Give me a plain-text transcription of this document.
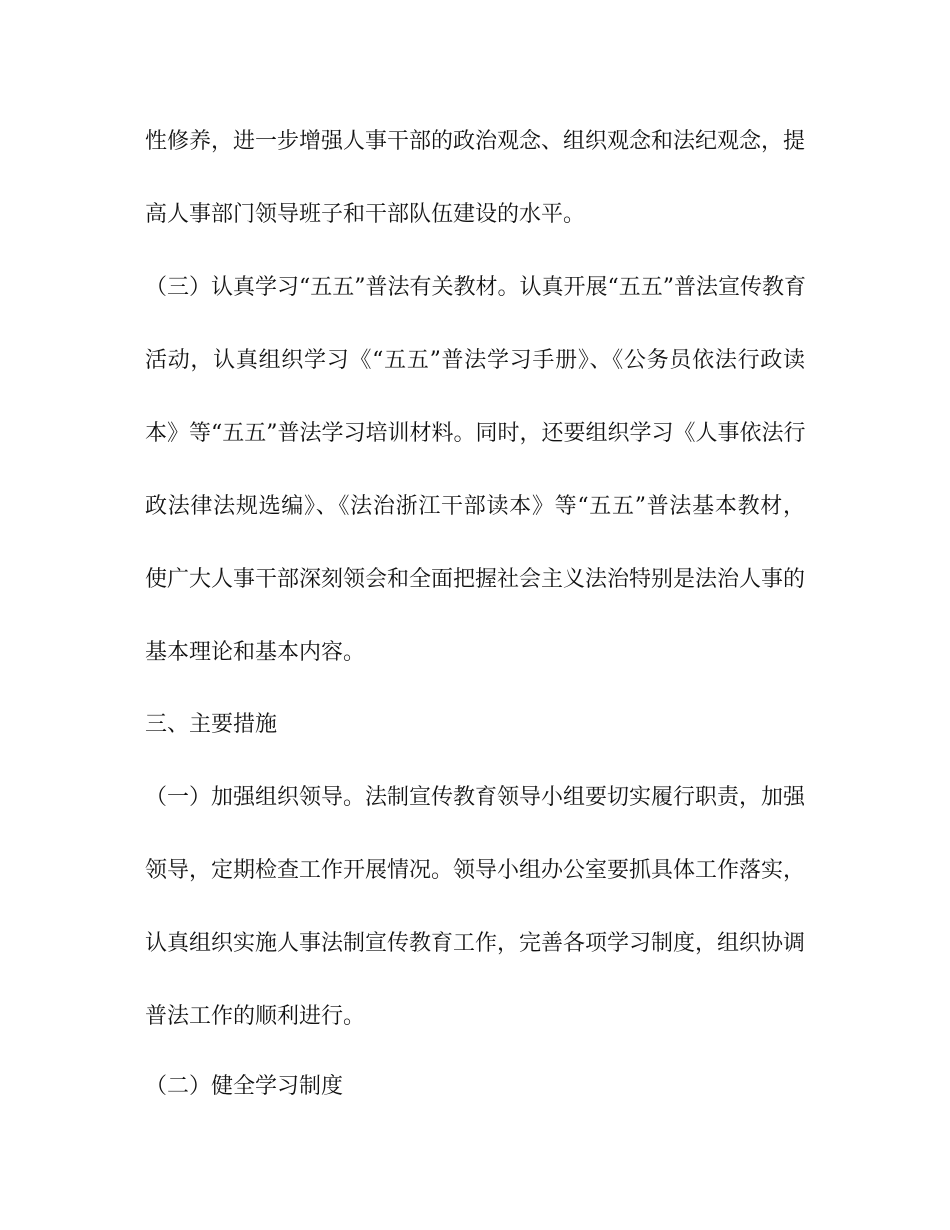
性修养，进一步增强人事干部的政治观念、组织观念和法纪观念，提
高人事部门领导班子和干部队伍建设的水平。
（三）认真学习“五五”普法有关教材。认真开展“五五”普法宣传教育
活动，认真组织学习《“五五”普法学习手册》、《公务员依法行政读
本》等“五五”普法学习培训材料。同时，还要组织学习《人事依法行
政法律法规选编》、《法治浙江干部读本》等“五五”普法基本教材，
使广大人事干部深刻领会和全面把握社会主义法治特别是法治人事的
基本理论和基本内容。
三、主要措施
（一）加强组织领导。法制宣传教育领导小组要切实履行职责，加强
领导，定期检查工作开展情况。领导小组办公室要抓具体工作落实，
认真组织实施人事法制宣传教育工作，完善各项学习制度，组织协调
普法工作的顺利进行。
（二）健全学习制度
